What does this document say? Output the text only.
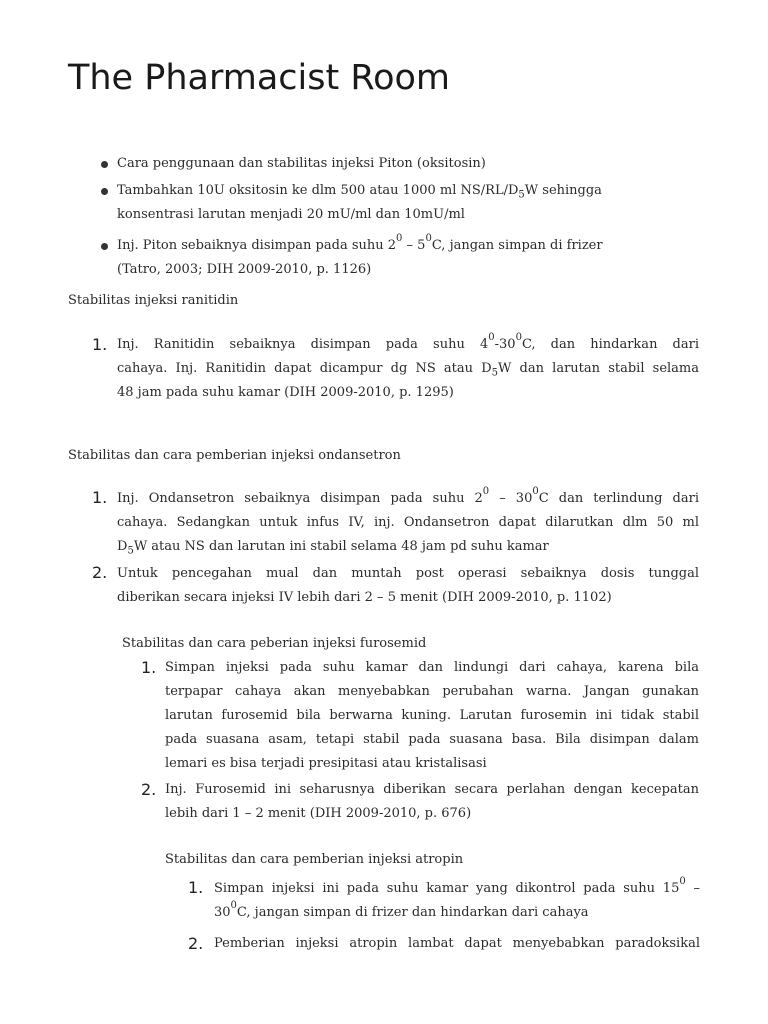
The Pharmacist Room
Cara penggunaan dan stabilitas injeksi Piton (oksitosin)
Tambahkan 10U oksitosin ke dlm 500 atau 1000 ml $NS/RL/D_5W$ sehingga
konsentrasi larutan menjadi 20 mU/ml dan 10mU/ml
Inj. Piton sebaiknya disimpan pada suhu $2^0 - 5^0C$, jangan simpan di frizer
(Tatro, 2003; DIH 2009-2010, p. 1126)
Stabilitas injeksi ranitidin
1. Inj. Ranitidin sebaiknya disimpan pada suhu $4^0-30^0C$, dan hindarkan dari
cahaya. Inj. Ranitidin dapat dicampur dg NS atau $D_5W$ dan larutan stabil selama
48 jam pada suhu kamar (DIH 2009-2010, p. 1295)
Stabilitas dan cara pemberian injeksi ondansetron
1. Inj. Ondansetron sebaiknya disimpan pada suhu $2^0 - 30^0C$ dan terlindung dari
cahaya. Sedangkan untuk infus IV, inj. Ondansetron dapat dilarutkan dlm 50 ml
$D_5W$ atau NS dan larutan ini stabil selama 48 jam pd suhu kamar
2. Untuk pencegahan mual dan muntah post operasi sebaiknya dosis tunggal
diberikan secara injeksi IV lebih dari 2 – 5 menit (DIH 2009-2010, p. 1102)
Stabilitas dan cara peberian injeksi furosemid
1. Simpan injeksi pada suhu kamar dan lindungi dari cahaya, karena bila
terpapar cahaya akan menyebabkan perubahan warna. Jangan gunakan
larutan furosemid bila berwarna kuning. Larutan furosemin ini tidak stabil
pada suasana asam, tetapi stabil pada suasana basa. Bila disimpan dalam
lemari es bisa terjadi presipitasi atau kristalisasi
2. Inj. Furosemid ini seharusnya diberikan secara perlahan dengan kecepatan
lebih dari 1 – 2 menit (DIH 2009-2010, p. 676)
Stabilitas dan cara pemberian injeksi atropin
1. Simpan injeksi ini pada suhu kamar yang dikontrol pada suhu $15^0$ –
$30^0C$, jangan simpan di frizer dan hindarkan dari cahaya
2. Pemberian injeksi atropin lambat dapat menyebabkan paradoksikal
